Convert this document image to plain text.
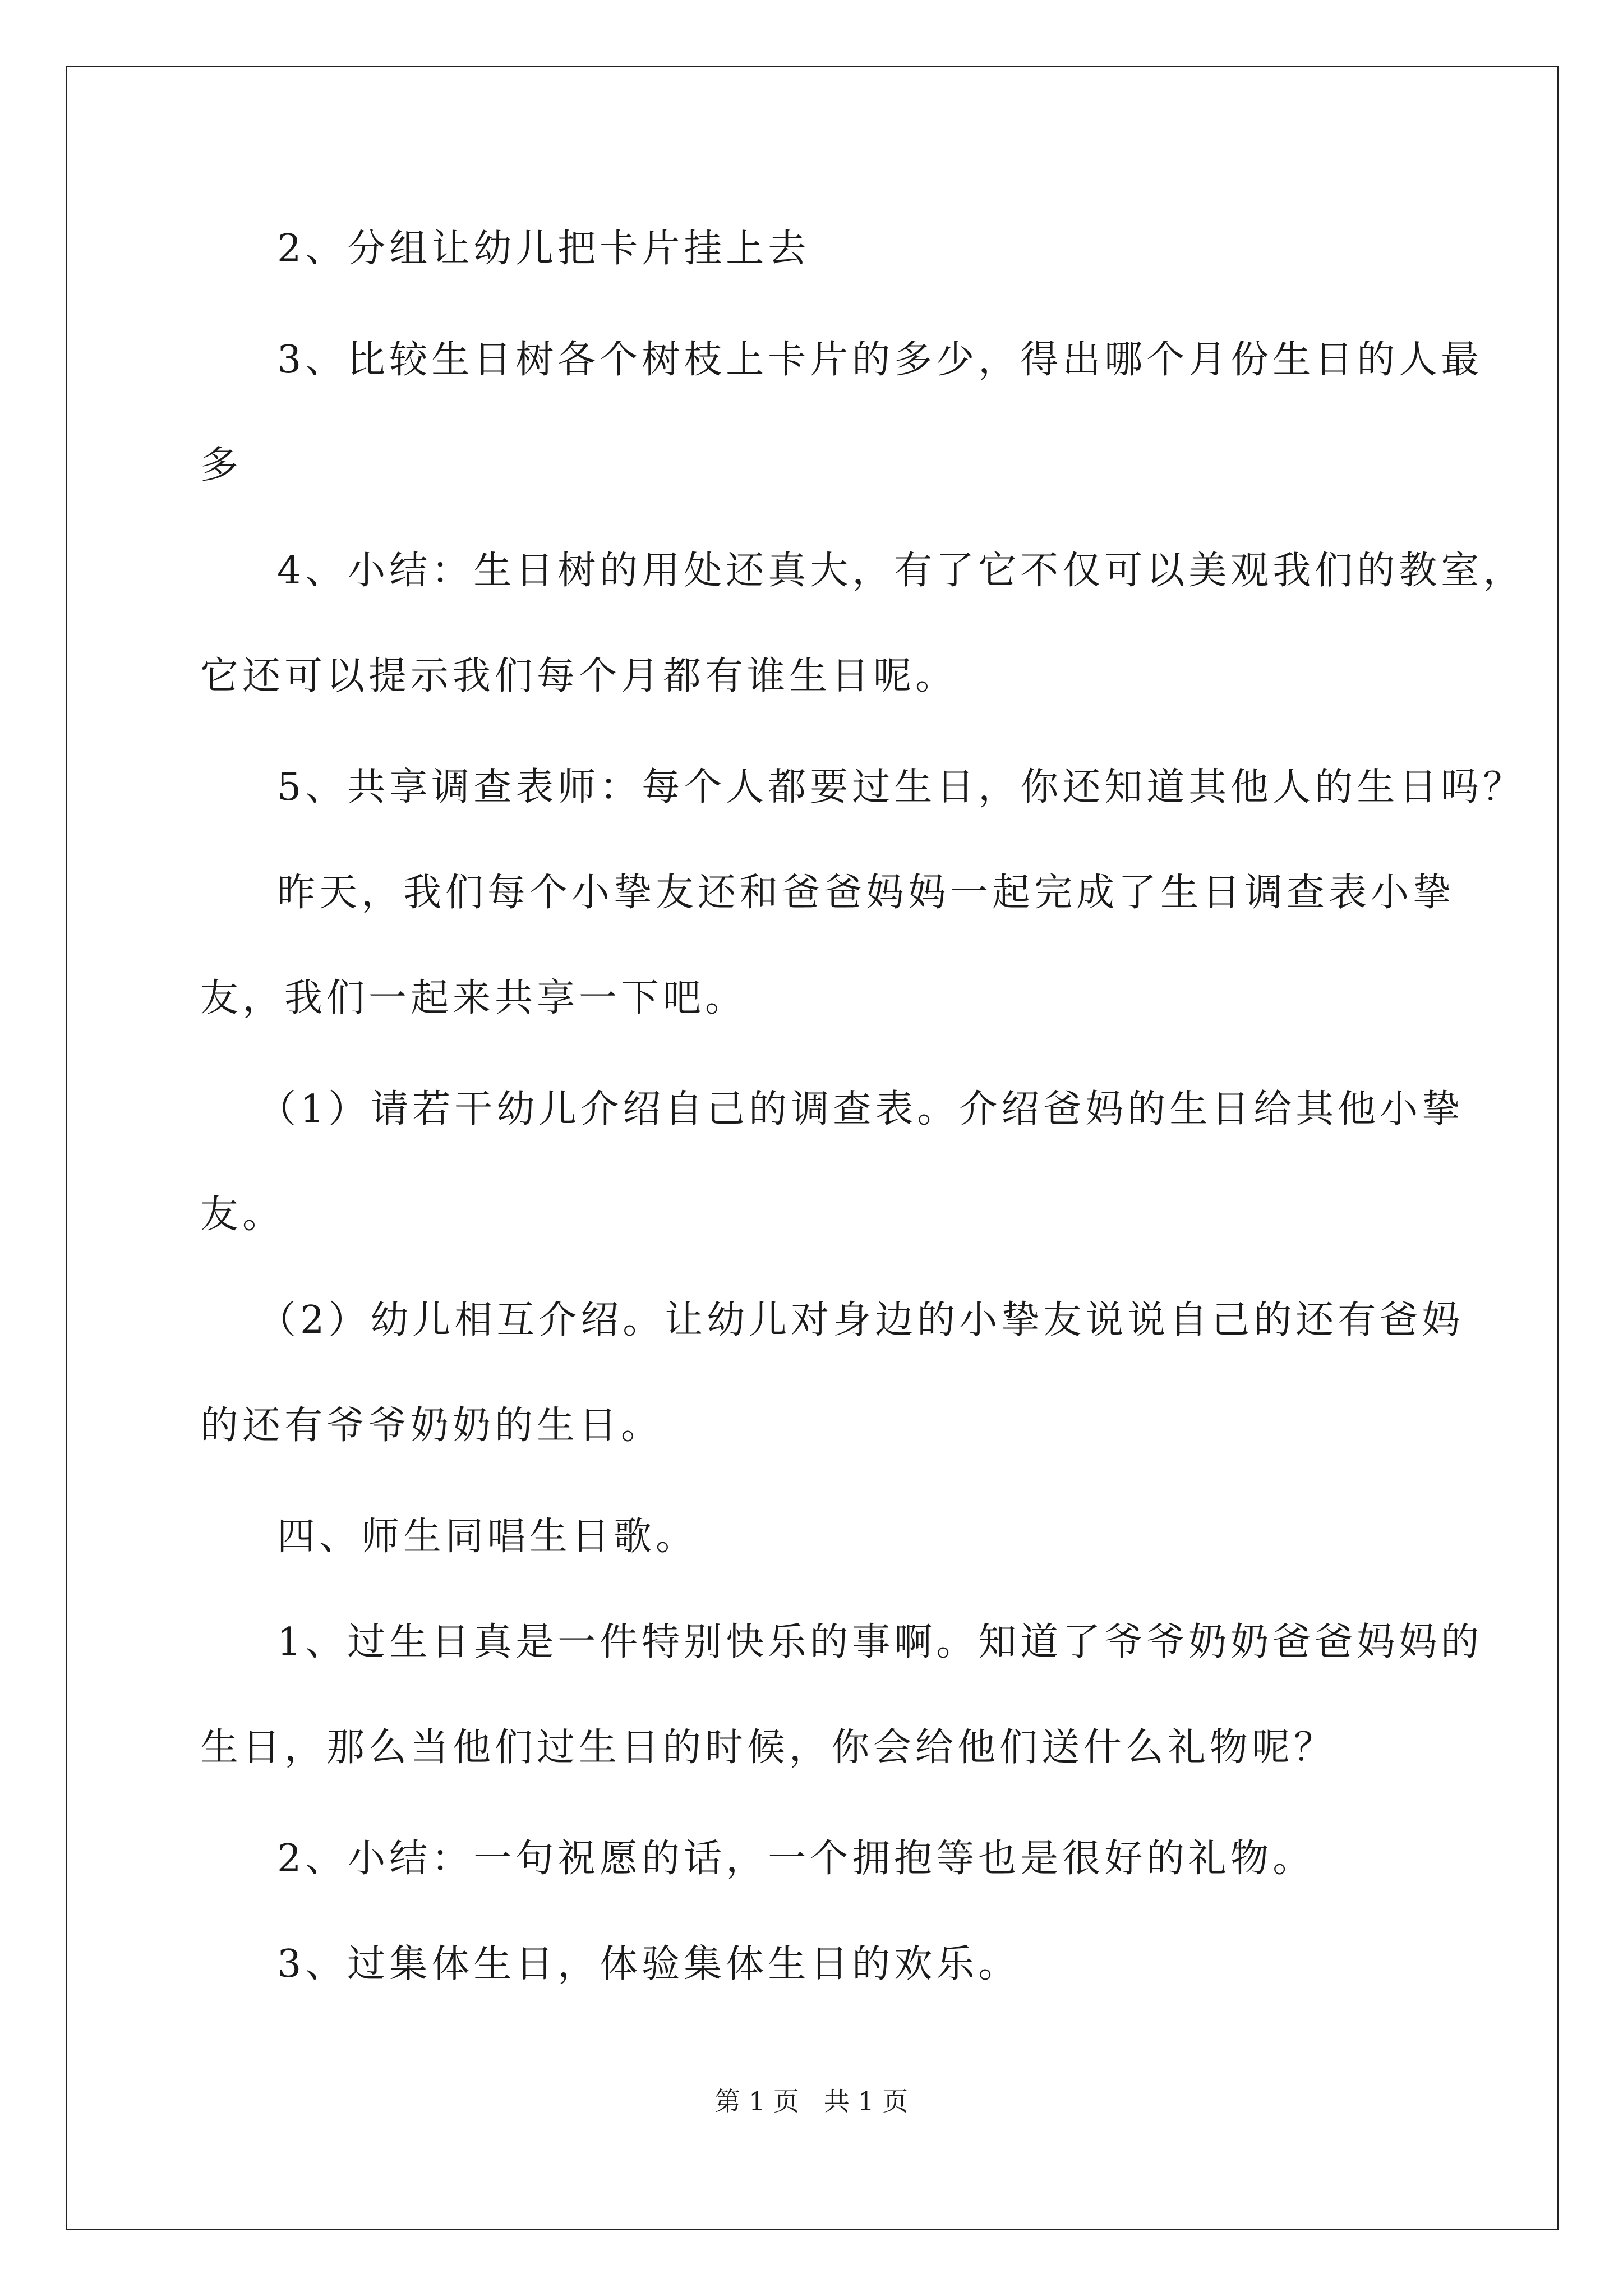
2、分组让幼儿把卡片挂上去
3、比较生日树各个树枝上卡片的多少，得出哪个月份生日的人最
多
4、小结：生日树的用处还真大，有了它不仅可以美观我们的教室，
它还可以提示我们每个月都有谁生日呢。
5、共享调查表师：每个人都要过生日，你还知道其他人的生日吗？
昨天，我们每个小挚友还和爸爸妈妈一起完成了生日调查表小挚
友，我们一起来共享一下吧。
（1）请若干幼儿介绍自己的调查表。介绍爸妈的生日给其他小挚
友。
（2）幼儿相互介绍。让幼儿对身边的小挚友说说自己的还有爸妈
的还有爷爷奶奶的生日。
四、师生同唱生日歌。
1、过生日真是一件特别快乐的事啊。知道了爷爷奶奶爸爸妈妈的
生日，那么当他们过生日的时候，你会给他们送什么礼物呢？
2、小结：一句祝愿的话，一个拥抱等也是很好的礼物。
3、过集体生日，体验集体生日的欢乐。
第 1 页   共 1 页
